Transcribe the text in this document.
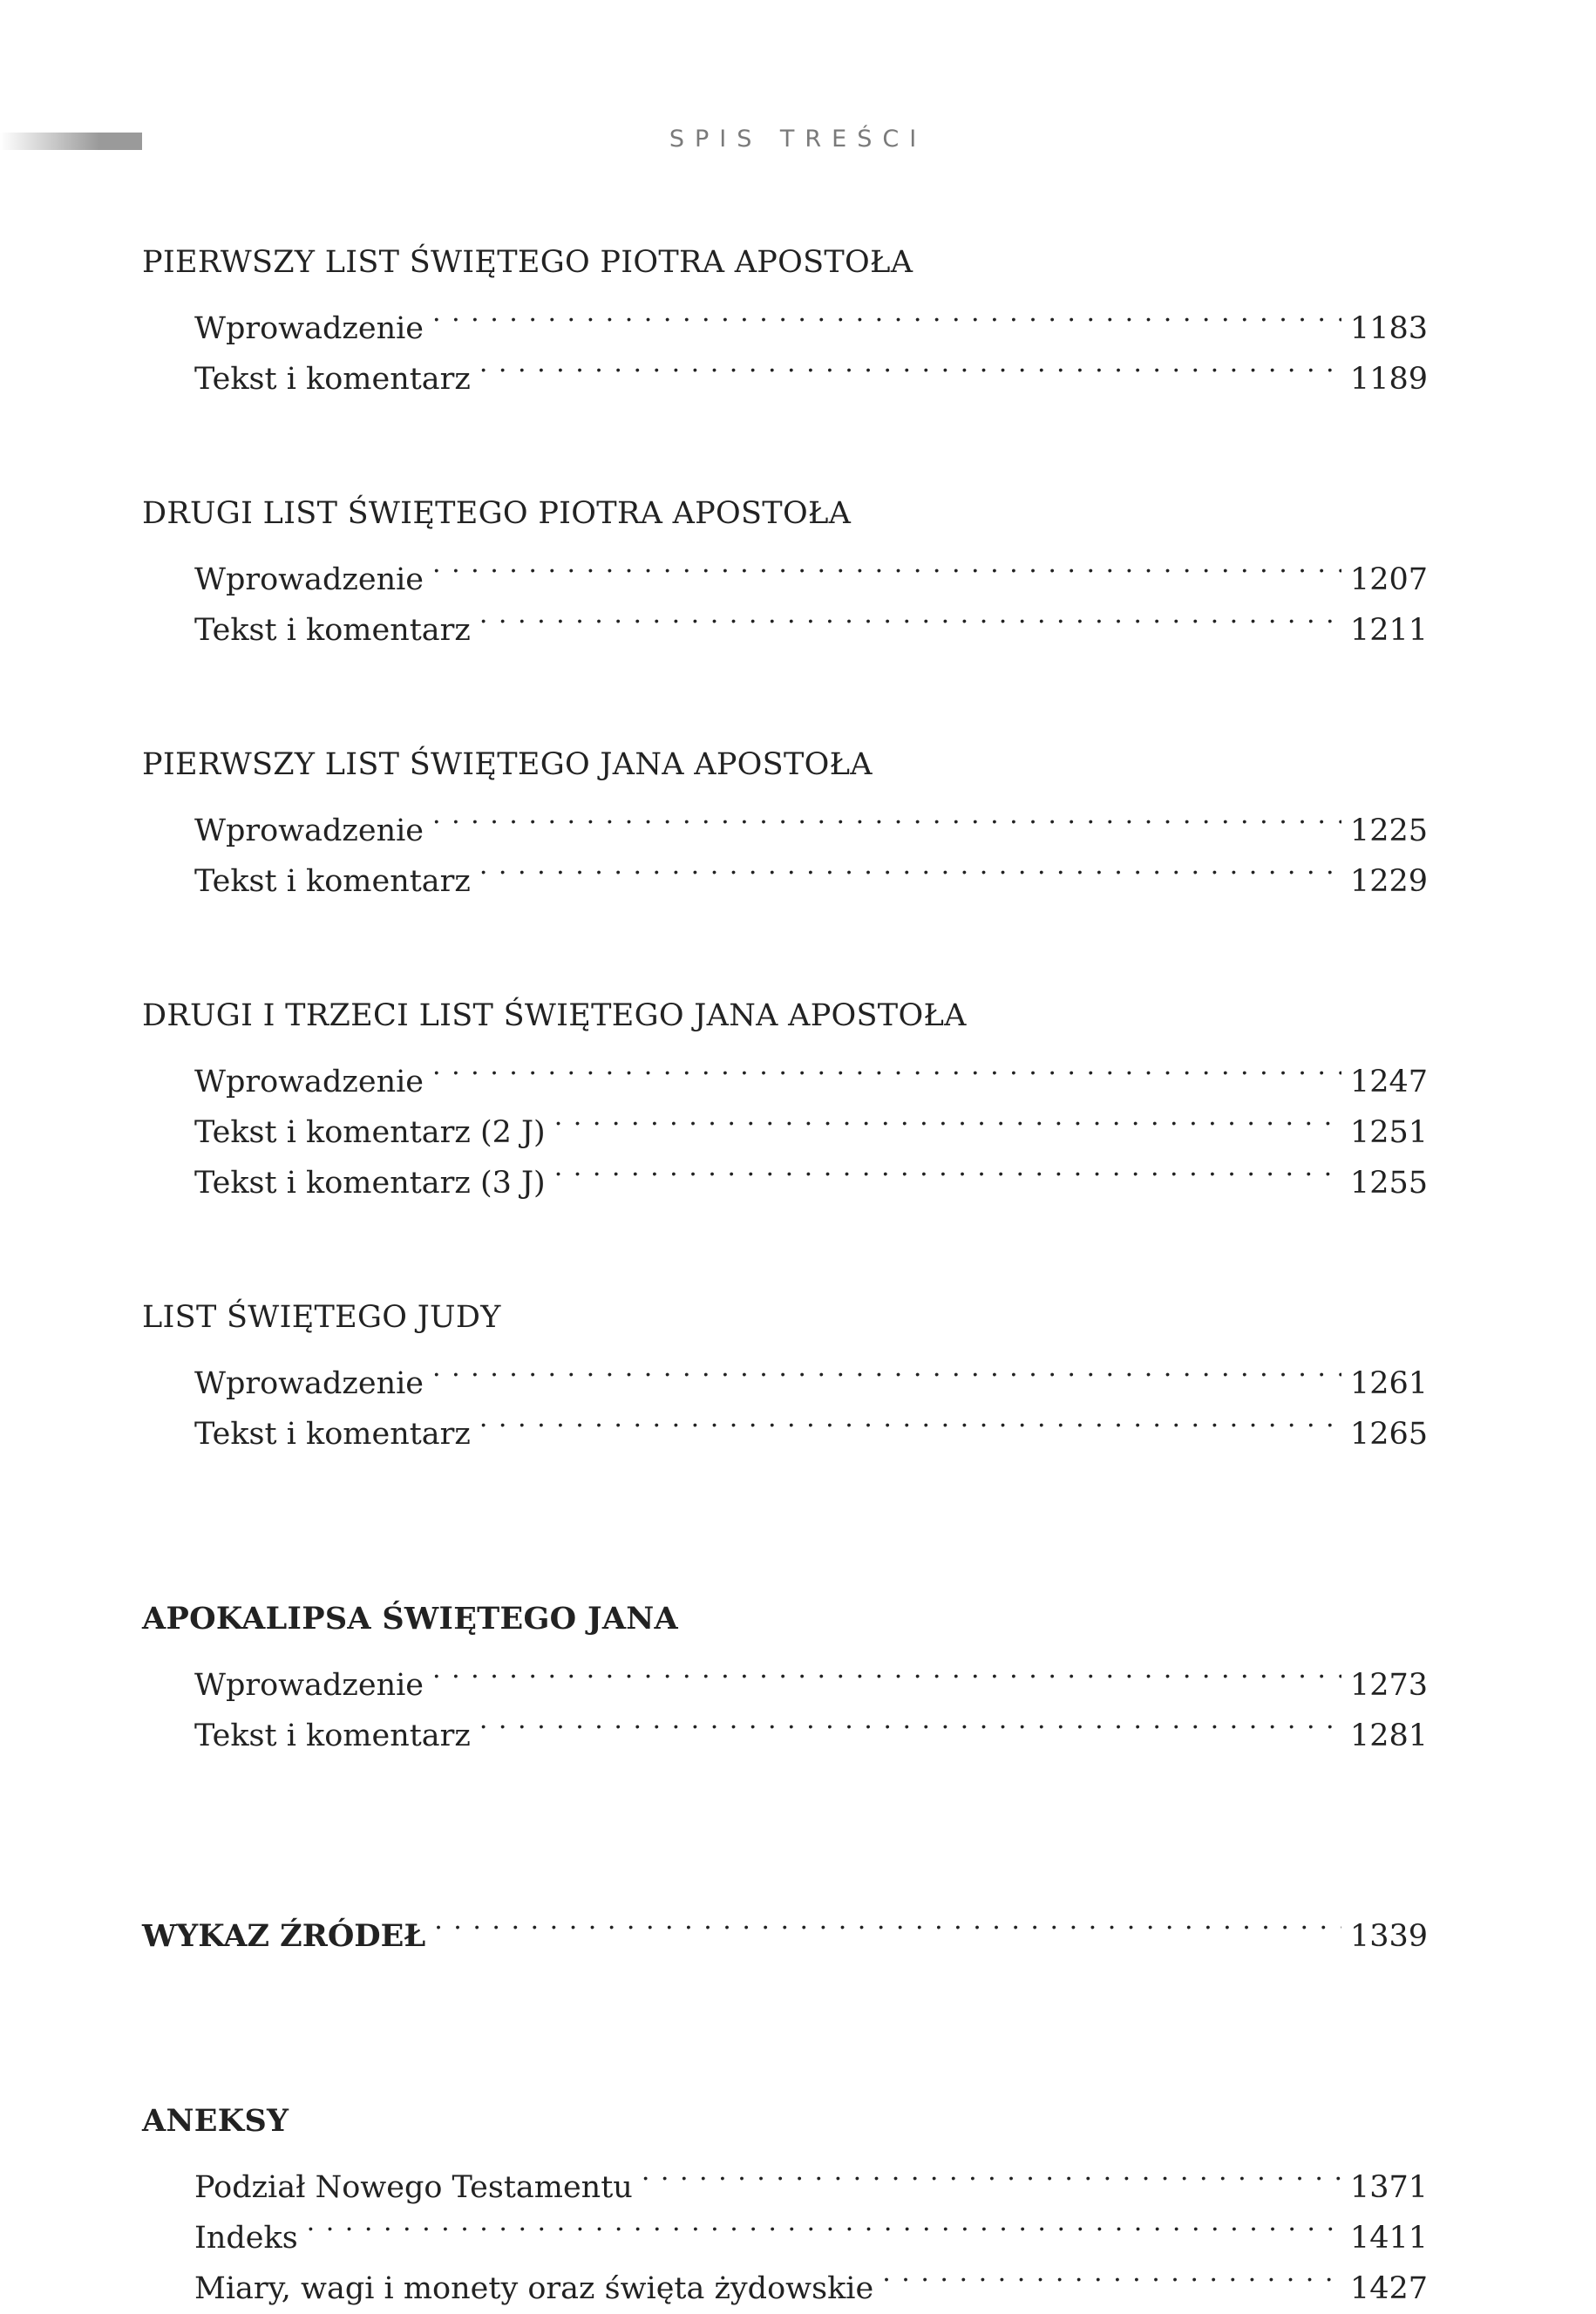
SPIS TREŚCI
PIERWSZY LIST ŚWIĘTEGO PIOTRA APOSTOŁA
Wprowadzenie . . .	1183
Tekst i komentarz . . .	1189
DRUGI LIST ŚWIĘTEGO PIOTRA APOSTOŁA
Wprowadzenie . . .	1207
Tekst i komentarz . . .	1211
PIERWSZY LIST ŚWIĘTEGO JANA APOSTOŁA
Wprowadzenie . . .	1225
Tekst i komentarz . . .	1229
DRUGI I TRZECI LIST ŚWIĘTEGO JANA APOSTOŁA
Wprowadzenie . . .	1247
Tekst i komentarz (2 J) . . .	1251
Tekst i komentarz (3 J) . . .	1255
LIST ŚWIĘTEGO JUDY
Wprowadzenie . . .	1261
Tekst i komentarz . . .	1265
APOKALIPSA ŚWIĘTEGO JANA
Wprowadzenie . . .	1273
Tekst i komentarz . . .	1281
WYKAZ ŹRÓDEŁ . . .	1339
ANEKSY
Podział Nowego Testamentu . . .	1371
Indeks . . .	1411
Miary, wagi i monety oraz święta żydowskie . . .	1427
